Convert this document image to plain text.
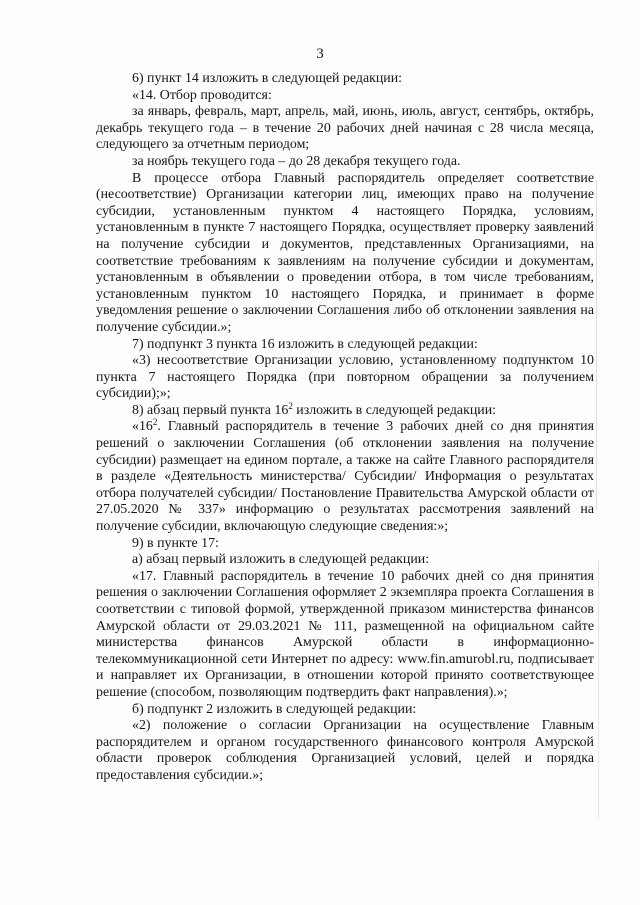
3

6) пункт 14 изложить в следующей редакции:

«14. Отбор проводится:

за январь, февраль, март, апрель, май, июнь, июль, август, сентябрь, октябрь, декабрь текущего года – в течение 20 рабочих дней начиная с 28 числа месяца, следующего за отчетным периодом;

за ноябрь текущего года – до 28 декабря текущего года.

В процессе отбора Главный распорядитель определяет соответствие (несоответствие) Организации категории лиц, имеющих право на получение субсидии, установленным пунктом 4 настоящего Порядка, условиям, установленным в пункте 7 настоящего Порядка, осуществляет проверку заявлений на получение субсидии и документов, представленных Организациями, на соответствие требованиям к заявлениям на получение субсидии и документам, установленным в объявлении о проведении отбора, в том числе требованиям, установленным пунктом 10 настоящего Порядка, и принимает в форме уведомления решение о заключении Соглашения либо об отклонении заявления на получение субсидии.»;

7) подпункт 3 пункта 16 изложить в следующей редакции:

«3) несоответствие Организации условию, установленному подпунктом 10 пункта 7 настоящего Порядка (при повторном обращении за получением субсидии);»;

8) абзац первый пункта $16^2$ изложить в следующей редакции:

«$16^2$. Главный распорядитель в течение 3 рабочих дней со дня принятия решений о заключении Соглашения (об отклонении заявления на получение субсидии) размещает на едином портале, а также на сайте Главного распорядителя в разделе «Деятельность министерства/ Субсидии/ Информация о результатах отбора получателей субсидии/ Постановление Правительства Амурской области от 27.05.2020 № 337» информацию о результатах рассмотрения заявлений на получение субсидии, включающую следующие сведения:»;

9) в пункте 17:

а) абзац первый изложить в следующей редакции:

«17. Главный распорядитель в течение 10 рабочих дней со дня принятия решения о заключении Соглашения оформляет 2 экземпляра проекта Соглашения в соответствии с типовой формой, утвержденной приказом министерства финансов Амурской области от 29.03.2021 № 111, размещенной на официальном сайте министерства финансов Амурской области в информационно-телекоммуникационной сети Интернет по адресу: www.fin.amurobl.ru, подписывает и направляет их Организации, в отношении которой принято соответствующее решение (способом, позволяющим подтвердить факт направления).»;

б) подпункт 2 изложить в следующей редакции:

«2) положение о согласии Организации на осуществление Главным распорядителем и органом государственного финансового контроля Амурской области проверок соблюдения Организацией условий, целей и порядка предоставления субсидии.»;
